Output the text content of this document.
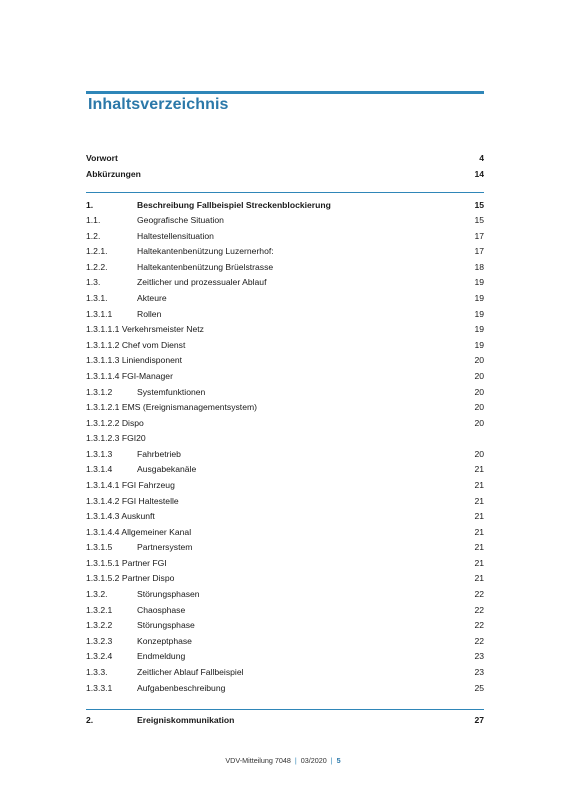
Inhaltsverzeichnis
Vorwort	4
Abkürzungen	14
1.	Beschreibung Fallbeispiel Streckenblockierung	15
1.1.	Geografische Situation	15
1.2.	Haltestellensituation	17
1.2.1.	Haltekantenbenützung Luzernerhof:	17
1.2.2.	Haltekantenbenützung Brüelstrasse	18
1.3.	Zeitlicher und prozessualer Ablauf	19
1.3.1.	Akteure	19
1.3.1.1	Rollen	19
1.3.1.1.1 Verkehrsmeister Netz	19
1.3.1.1.2 Chef vom Dienst	19
1.3.1.1.3 Liniendisponent	20
1.3.1.1.4 FGI-Manager	20
1.3.1.2	Systemfunktionen	20
1.3.1.2.1 EMS (Ereignismanagementsystem)	20
1.3.1.2.2 Dispo	20
1.3.1.2.3 FGI20
1.3.1.3	Fahrbetrieb	20
1.3.1.4	Ausgabekanäle	21
1.3.1.4.1 FGI Fahrzeug	21
1.3.1.4.2 FGI Haltestelle	21
1.3.1.4.3 Auskunft	21
1.3.1.4.4 Allgemeiner Kanal	21
1.3.1.5	Partnersystem	21
1.3.1.5.1 Partner FGI	21
1.3.1.5.2 Partner Dispo	21
1.3.2.	Störungsphasen	22
1.3.2.1	Chaosphase	22
1.3.2.2	Störungsphase	22
1.3.2.3	Konzeptphase	22
1.3.2.4	Endmeldung	23
1.3.3.	Zeitlicher Ablauf Fallbeispiel	23
1.3.3.1	Aufgabenbeschreibung	25
2.	Ereigniskommunikation	27
VDV-Mitteilung 7048 | 03/2020 | 5
